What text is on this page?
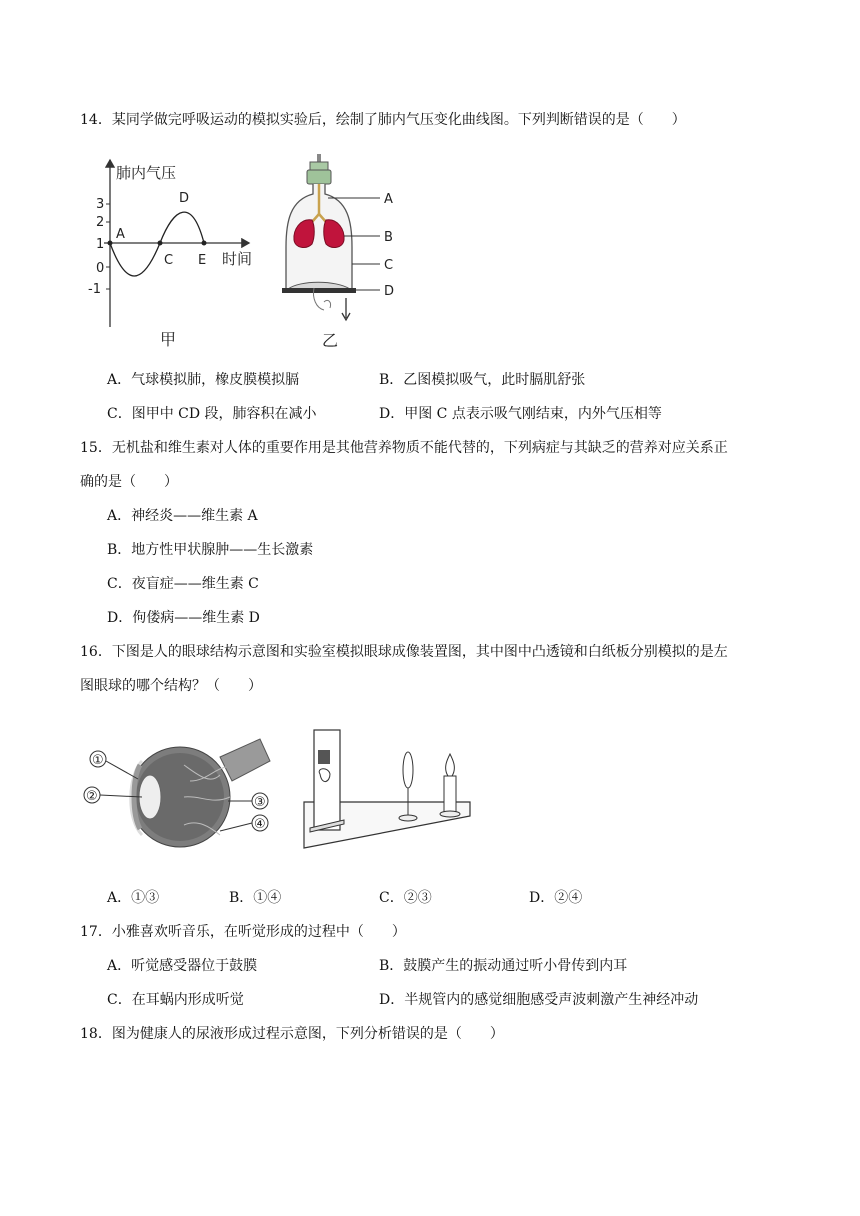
14．某同学做完呼吸运动的模拟实验后，绘制了肺内气压变化曲线图。下列判断错误的是（　　）
肺内气压
时间
3
2
1
0
-1
A
C
D
E
甲
A
B
C
D
乙
A．气球模拟肺，橡皮膜模拟膈	B．乙图模拟吸气，此时膈肌舒张
C．图甲中 CD 段，肺容积在减小	D．甲图 C 点表示吸气刚结束，内外气压相等
15．无机盐和维生素对人体的重要作用是其他营养物质不能代替的，下列病症与其缺乏的营养对应关系正
确的是（　　）
A．神经炎——维生素 A
B．地方性甲状腺肿——生长激素
C．夜盲症——维生素 C
D．佝偻病——维生素 D
16．下图是人的眼球结构示意图和实验室模拟眼球成像装置图，其中图中凸透镜和白纸板分别模拟的是左
图眼球的哪个结构？（　　）
①
②	③
④
A．①③	B．①④	C．②③	D．②④
17．小雅喜欢听音乐，在听觉形成的过程中（　　）
A．听觉感受器位于鼓膜	B．鼓膜产生的振动通过听小骨传到内耳
C．在耳蜗内形成听觉	D．半规管内的感觉细胞感受声波刺激产生神经冲动
18．图为健康人的尿液形成过程示意图，下列分析错误的是（　　）
